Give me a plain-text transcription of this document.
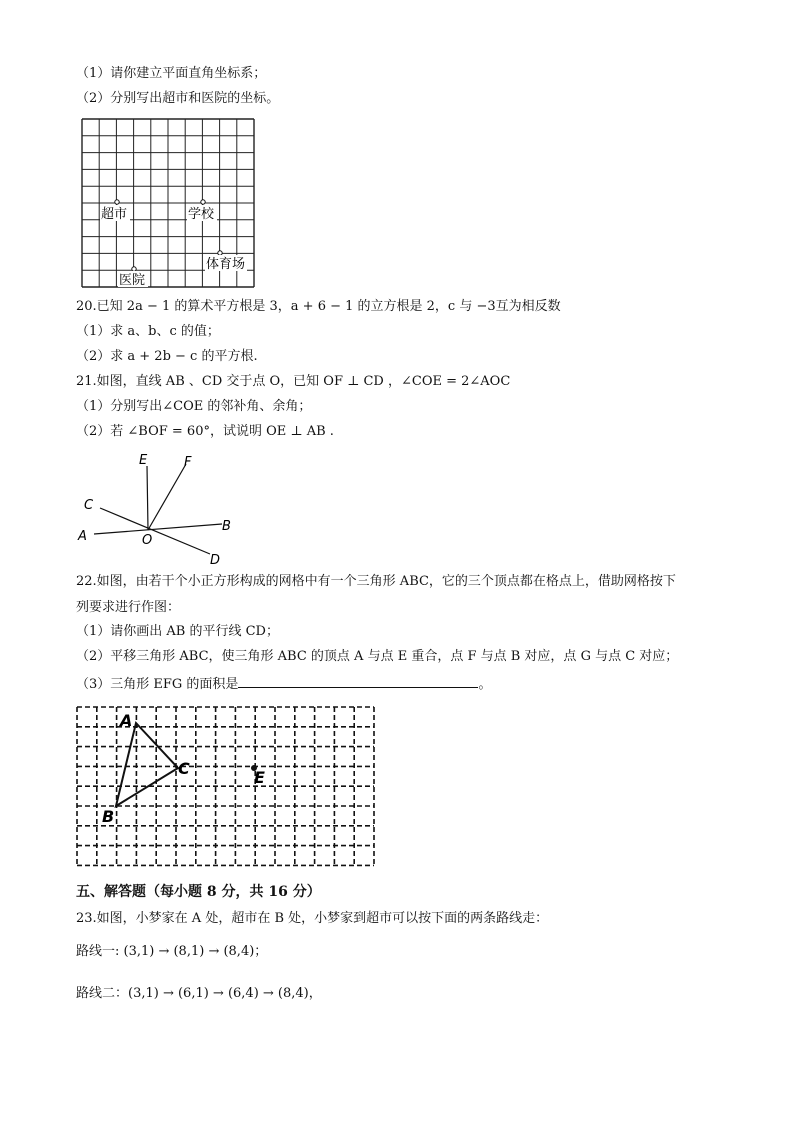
（1）请你建立平面直角坐标系；
（2）分别写出超市和医院的坐标。
超市	学校
医院
体育场
20.已知 2a − 1 的算术平方根是 3，a + 6 − 1 的立方根是 2，c 与 −3互为相反数
（1）求 a、b、c 的值；
（2）求 a + 2b − c 的平方根.
21.如图，直线 AB 、CD 交于点 O，已知 OF ⊥ CD ，∠COE = 2∠AOC
（1）分别写出∠COE 的邻补角、余角；
（2）若 ∠BOF = 60°，试说明 OE ⊥ AB .
E	F
C
A	O
B
D
22.如图，由若干个小正方形构成的网格中有一个三角形 ABC，它的三个顶点都在格点上，借助网格按下
列要求进行作图：
（1）请你画出 AB 的平行线 CD；
（2）平移三角形 ABC，使三角形 ABC 的顶点 A 与点 E 重合，点 F 与点 B 对应，点 G 与点 C 对应；
（3）三角形 EFG 的面积是	。
A
B
C	E
五、解答题（每小题 8 分，共 16 分）
23.如图，小梦家在 A 处，超市在 B 处，小梦家到超市可以按下面的两条路线走：
路线一: (3,1) → (8,1) → (8,4)；
路线二：(3,1) → (6,1) → (6,4) → (8,4)，
